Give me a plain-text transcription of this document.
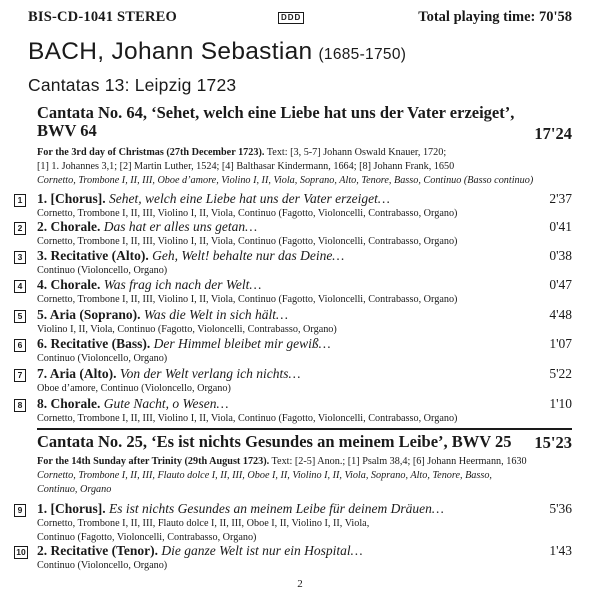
BIS-CD-1041 STEREO	DDD	Total playing time: 70'58
BACH, Johann Sebastian (1685-1750)
Cantatas 13: Leipzig 1723
Cantata No. 64, ‘Sehet, welch eine Liebe hat uns der Vater erzeiget’,
BWV 64	17'24
For the 3rd day of Christmas (27th December 1723). Text: [3, 5-7] Johann Oswald Knauer, 1720;
[1] 1. Johannes 3,1; [2] Martin Luther, 1524; [4] Balthasar Kindermann, 1664; [8] Johann Frank, 1650
Cornetto, Trombone I, II, III, Oboe d’amore, Violino I, II, Viola, Soprano, Alto, Tenore, Basso, Continuo (Basso continuo)
1 1. [Chorus]. Sehet, welch eine Liebe hat uns der Vater erzeiget…	2'37
Cornetto, Trombone I, II, III, Violino I, II, Viola, Continuo (Fagotto, Violoncelli, Contrabasso, Organo)
2 2. Chorale. Das hat er alles uns getan…	0'41
Cornetto, Trombone I, II, III, Violino I, II, Viola, Continuo (Fagotto, Violoncelli, Contrabasso, Organo)
3 3. Recitative (Alto). Geh, Welt! behalte nur das Deine…	0'38
Continuo (Violoncello, Organo)
4 4. Chorale. Was frag ich nach der Welt…	0'47
Cornetto, Trombone I, II, III, Violino I, II, Viola, Continuo (Fagotto, Violoncelli, Contrabasso, Organo)
5 5. Aria (Soprano). Was die Welt in sich hält…	4'48
Violino I, II, Viola, Continuo (Fagotto, Violoncelli, Contrabasso, Organo)
6 6. Recitative (Bass). Der Himmel bleibet mir gewiß…	1'07
Continuo (Violoncello, Organo)
7 7. Aria (Alto). Von der Welt verlang ich nichts…	5'22
Oboe d’amore, Continuo (Violoncello, Organo)
8 8. Chorale. Gute Nacht, o Wesen…	1'10
Cornetto, Trombone I, II, III, Violino I, II, Viola, Continuo (Fagotto, Violoncelli, Contrabasso, Organo)
Cantata No. 25, ‘Es ist nichts Gesundes an meinem Leibe’, BWV 25	15'23
For the 14th Sunday after Trinity (29th August 1723). Text: [2-5] Anon.; [1] Psalm 38,4; [6] Johann Heermann, 1630
Cornetto, Trombone I, II, III, Flauto dolce I, II, III, Oboe I, II, Violino I, II, Viola, Soprano, Alto, Tenore, Basso,
Continuo, Organo
9 1. [Chorus]. Es ist nichts Gesundes an meinem Leibe für deinem Dräuen…	5'36
Cornetto, Trombone I, II, III, Flauto dolce I, II, III, Oboe I, II, Violino I, II, Viola,
Continuo (Fagotto, Violoncelli, Contrabasso, Organo)
10 2. Recitative (Tenor). Die ganze Welt ist nur ein Hospital…	1'43
Continuo (Violoncello, Organo)
2
